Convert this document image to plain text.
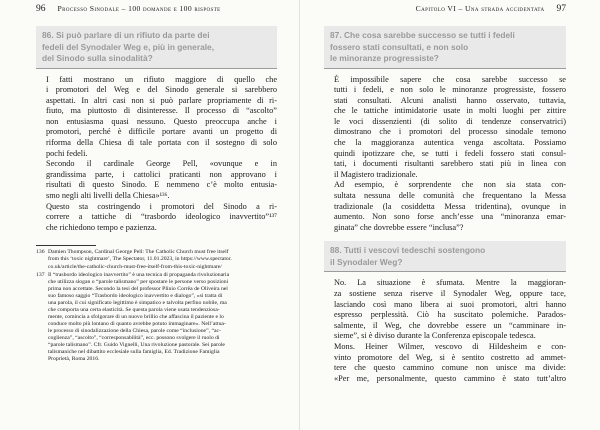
96 Processo Sinodale – 100 domande e 100 risposte
86. Si può parlare di un rifiuto da parte dei
fedeli del Synodaler Weg e, più in generale,
del Sinodo sulla sinodalità?

I fatti mostrano un rifiuto maggiore di quello che
i promotori del Weg e del Sinodo generale si sarebbero
aspettati. In altri casi non si può parlare propriamente di ri-
fiuto, ma piuttosto di disinteresse. Il processo di “ascolto”
non entusiasma quasi nessuno. Questo preoccupa anche i
promotori, perché è difficile portare avanti un progetto di
riforma della Chiesa di tale portata con il sostegno di solo
pochi fedeli.

Secondo il cardinale George Pell, «ovunque e in
grandissima parte, i cattolici praticanti non approvano i
risultati di questo Sinodo. E nemmeno c’è molto entusia-
smo negli alti livelli della Chiesa»¹³⁶.

Questo sta costringendo i promotori del Sinodo a ri-
correre a tattiche di “trasbordo ideologico inavvertito”¹³⁷
che richiedono tempo e pazienza.

136 Damien Thompson, Cardinal George Pell: The Catholic Church must free itself
from this ‘toxic nightmare’, The Spectator, 11.01.2023, in https://www.spectator.
co.uk/article/the-catholic-church-must-free-itself-from-this-toxic-nightmare/
137 Il “trasbordo ideologico inavvertito” è una tecnica di propaganda rivoluzionaria
che utilizza slogan o “parole talismano” per spostare le persone verso posizioni
prima non accettate. Secondo la tesi del professor Plinio Corrêa de Oliveira nel
suo famoso saggio “Trasbordo ideologico inavvertito e dialogo”, «si tratta di
una parola, il cui significato legittimo è simpatico e talvolta perfino nobile, ma
che comporta una certa elasticità. Se questa parola viene usata tendenziosa-
mente, comincia a sfolgorare di un nuovo brillio che affascina il paziente e lo
conduce molto più lontano di quanto avrebbe potuto immaginare». Nell’attua-
le processo di sinodalizzazione della Chiesa, parole come “inclusione”, “ac-
coglienza”, “ascolto”, “corresponsabilità”, ecc. possono svolgere il ruolo di
“parole talismano”. Cfr. Guido Vignelli, Una rivoluzione pastorale. Sei parole
talismaniche nel dibattito ecclesiale sulla famiglia, Ed. Tradizione Famiglia
Proprietà, Roma 2016.
Capitolo VI – Una strada accidentata 97
87. Che cosa sarebbe successo se tutti i fedeli
fossero stati consultati, e non solo
le minoranze progressiste?

È impossibile sapere che cosa sarebbe successo se
tutti i fedeli, e non solo le minoranze progressiste, fossero
stati consultati. Alcuni analisti hanno osservato, tuttavia,
che le tattiche intimidatorie usate in molti luoghi per zittire
le voci dissenzienti (di solito di tendenze conservatrici)
dimostrano che i promotori del processo sinodale temono
che la maggioranza autentica venga ascoltata. Possiamo
quindi ipotizzare che, se tutti i fedeli fossero stati consul-
tati, i documenti risultanti sarebbero stati più in linea con
il Magistero tradizionale.

Ad esempio, è sorprendente che non sia stata con-
sultata nessuna delle comunità che frequentano la Messa
tradizionale (la cosiddetta Messa tridentina), ovunque in
aumento. Non sono forse anch’esse una “minoranza emar-
ginata” che dovrebbe essere “inclusa”?

88. Tutti i vescovi tedeschi sostengono
il Synodaler Weg?

No. La situazione è sfumata. Mentre la maggioran-
za sostiene senza riserve il Synodaler Weg, oppure tace,
lasciando così mano libera ai suoi promotori, altri hanno
espresso perplessità. Ciò ha suscitato polemiche. Parados-
salmente, il Weg, che dovrebbe essere un “camminare in-
sieme”, si è diviso durante la Conferenza episcopale tedesca.

Mons. Heiner Wilmer, vescovo di Hildesheim e con-
vinto promotore del Weg, si è sentito costretto ad ammet-
tere che questo cammino comune non unisce ma divide:
«Per me, personalmente, questo cammino è stato tutt’altro
